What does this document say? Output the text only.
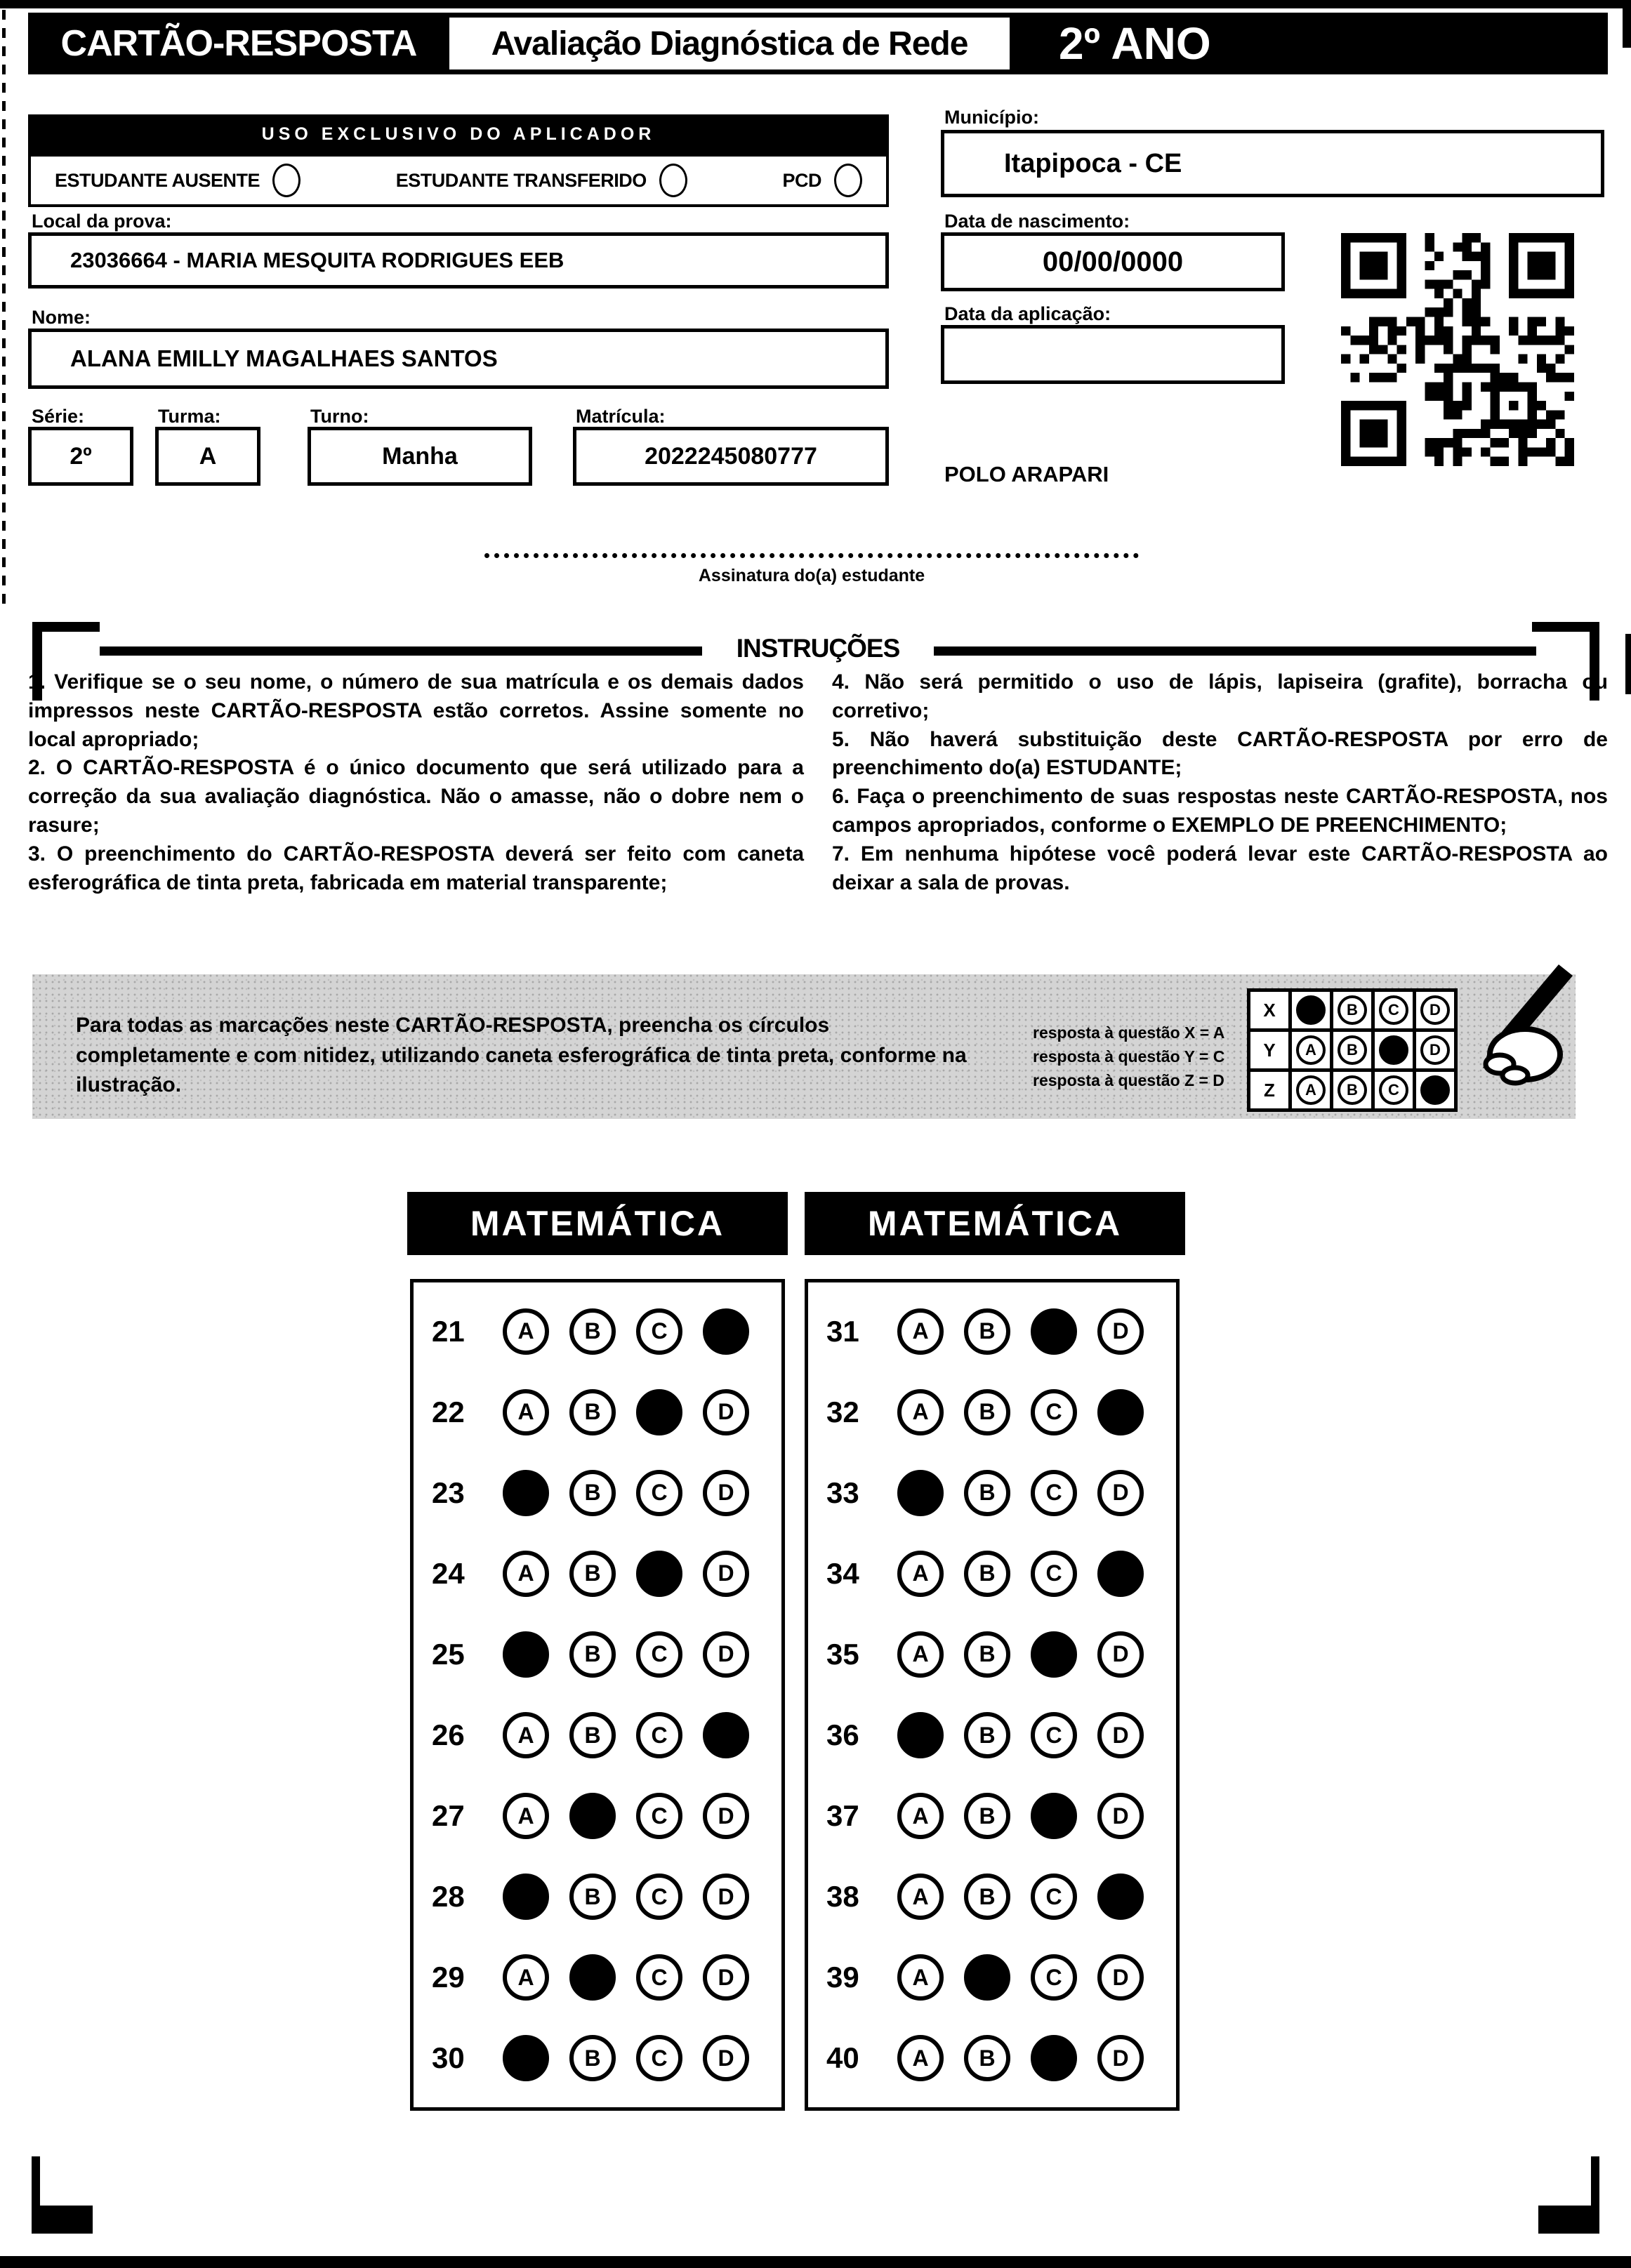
CARTÃO-RESPOSTA Avaliação Diagnóstica de Rede 2º ANO
USO EXCLUSIVO DO APLICADOR
ESTUDANTE AUSENTE	ESTUDANTE TRANSFERIDO	PCD
Local da prova:
23036664 - MARIA MESQUITA RODRIGUES EEB
Nome:
ALANA EMILLY MAGALHAES SANTOS
Série:	Turma:	Turno:	Matrícula:
2º	A	Manha	2022245080777
Município:
Itapipoca - CE
Data de nascimento:
00/00/0000
Data da aplicação:
POLO ARAPARI
Assinatura do(a) estudante
INSTRUÇÕES

1. Verifique se o seu nome, o número de sua matrícula e os demais dados impressos neste CARTÃO-RESPOSTA estão corretos. Assine somente no local apropriado;

2. O CARTÃO-RESPOSTA é o único documento que será utilizado para a correção da sua avaliação diagnóstica. Não o amasse, não o dobre nem o rasure;

3. O preenchimento do CARTÃO-RESPOSTA deverá ser feito com caneta esferográfica de tinta preta, fabricada em material transparente;

4. Não será permitido o uso de lápis, lapiseira (grafite), borracha ou corretivo;

5. Não haverá substituição deste CARTÃO-RESPOSTA por erro de preenchimento do(a) ESTUDANTE;

6. Faça o preenchimento de suas respostas neste CARTÃO-RESPOSTA, nos campos apropriados, conforme o EXEMPLO DE PREENCHIMENTO;

7. Em nenhuma hipótese você poderá levar este CARTÃO-RESPOSTA ao deixar a sala de provas.

Para todas as marcações neste CARTÃO-RESPOSTA, preencha os círculos completamente e com nitidez, utilizando caneta esferográfica de tinta preta, conforme na ilustração.
resposta à questão X = A
resposta à questão Y = C
resposta à questão Z = D
X		B	C	D

Y	A	B		D

Z	A	B	C

MATEMÁTICA	MATEMÁTICA
21	A	B	C
22	A	B	D
23	B	C	D
24	A	B	D
25	B	C	D
26	A	B	C
27	A	C	D
28	B	C	D
29	A	C	D
30	B	C	D
31	A	B	D
32	A	B	C
33	B	C	D
34	A	B	C
35	A	B	D
36	B	C	D
37	A	B	D
38	A	B	C
39	A	C	D
40	A	B	D
